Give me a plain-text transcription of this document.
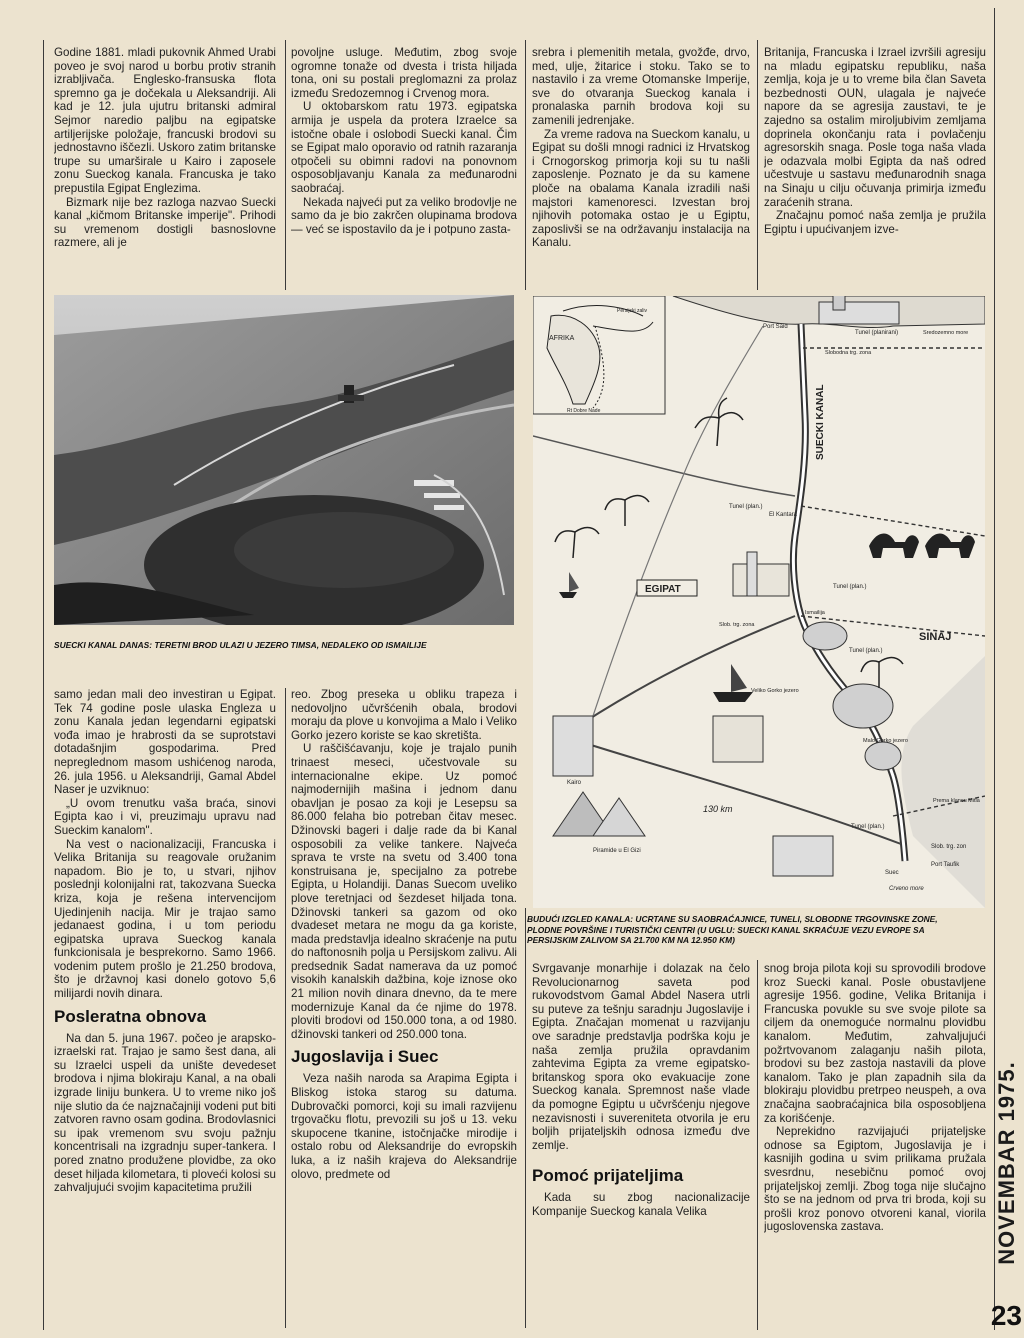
Godine 1881. mladi pukovnik Ahmed Urabi poveo je svoj narod u borbu protiv stranih izrabljivača. Englesko-fransuska flota spremno ga je dočekala u Aleksandriji. Ali kad je 12. jula ujutru britanski admiral Sejmor naredio paljbu na egipatske artiljerijske položaje, francuski brodovi su jednostavno iščezli. Uskoro zatim britanske trupe su umarširale u Kairo i zaposele zonu Sueckog kanala. Francuska je tako prepustila Egipat Englezima.

Bizmark nije bez razloga nazvao Suecki kanal „kičmom Britanske imperije". Prihodi su vremenom dostigli basnoslovne razmere, ali je

povoljne usluge. Međutim, zbog svoje ogromne tonaže od dvesta i trista hiljada tona, oni su postali preglomazni za prolaz između Sredozemnog i Crvenog mora.

U oktobarskom ratu 1973. egipatska armija je uspela da protera Izraelce sa istočne obale i oslobodi Suecki kanal. Čim se Egipat malo oporavio od ratnih razaranja otpočeli su obimni radovi na ponovnom osposobljavanju Kanala za međunarodni saobraćaj.

Nekada najveći put za veliko brodovlje ne samo da je bio zakrčen olupinama brodova — već se ispostavilo da je i potpuno zasta-

srebra i plemenitih metala, gvožđe, drvo, med, ulje, žitarice i stoku. Tako se to nastavilo i za vreme Otomanske Imperije, sve do otvaranja Sueckog kanala i pronalaska parnih brodova koji su zamenili jedrenjake.

Za vreme radova na Sueckom kanalu, u Egipat su došli mnogi radnici iz Hrvatskog i Crnogorskog primorja koji su tu našli zaposlenje. Poznato je da su kamene ploče na obalama Kanala izradili naši majstori kamenoresci. Izvestan broj njihovih potomaka ostao je u Egiptu, zaposlivši se na održavanju instalacija na Kanalu.

Britanija, Francuska i Izrael izvršili agresiju na mladu egipatsku republiku, naša zemlja, koja je u to vreme bila član Saveta bezbednosti OUN, ulagala je najveće napore da se agresija zaustavi, te je zajedno sa ostalim miroljubivim zemljama doprinela okončanju rata i povlačenju agresorskih snaga. Posle toga naša vlada je odazvala molbi Egipta da naš odred učestvuje u sastavu međunarodnih snaga na Sinaju u cilju očuvanja primirja između zaraćenih strana.

Značajnu pomoć naša zemlja je pružila Egiptu i upućivanjem izve-

SUECKI KANAL DANAS: TERETNI BROD ULAZI U JEZERO TIMSA, NEDALEKO OD ISMAILIJE
AFRIKA
Persijski zaliv
Rt Dobre Nade
Port Said
Tunel (planirani)	Sredozemno more
Slobodna trg. zona
El Kantara
Tunel (plan.)
EGIPAT	Tunel (plan.)
Ismailija
Slob. trg. zona
SINAJ
Tunel (plan.)
Veliko Gorko jezero
Malo Gorko jezero
Kairo
130 km
Prema klancu Mitla
Tunel (plan.)
Slob. trg. zon
Port Taufik
Suec
Crveno more
Piramide u El Gizi
SUECKI KANAL
BUDUĆI IZGLED KANALA: UCRTANE SU SAOBRAĆAJNICE, TUNELI, SLOBODNE TRGOVINSKE ZONE, PLODNE POVRŠINE I TURISTIČKI CENTRI (U UGLU: SUECKI KANAL SKRAĆUJE VEZU EVROPE SA PERSIJSKIM ZALIVOM SA 21.700 KM NA 12.950 KM)

samo jedan mali deo investiran u Egipat. Tek 74 godine posle ulaska Engleza u zonu Kanala jedan legendarni egipatski vođa imao je hrabrosti da se suprotstavi dotadašnjim gospodarima. Pred nepreglednom masom ushićenog naroda, 26. jula 1956. u Aleksandriji, Gamal Abdel Naser je uzviknuo:

„U ovom trenutku vaša braća, sinovi Egipta kao i vi, preuzimaju upravu nad Sueckim kanalom".

Na vest o nacionalizaciji, Francuska i Velika Britanija su reagovale oružanim napadom. Bio je to, u stvari, njihov poslednji kolonijalni rat, takozvana Suecka kriza, koja je rešena intervencijom Ujedinjenih nacija. Mir je trajao samo jedanaest godina, i u tom periodu egipatska uprava Sueckog kanala funkcionisala je besprekorno. Samo 1966. vodenim putem prošlo je 21.250 brodova, što je državnoj kasi donelo gotovo 5,6 milijardi novih dinara.

Posleratna obnova

Na dan 5. juna 1967. počeo je arapsko-izraelski rat. Trajao je samo šest dana, ali su Izraelci uspeli da uništе devedeset brodova i njima blokiraju Kanal, a na obali izgrade liniju bunkera. U to vreme niko još nije slutio da će najznačajniji vodeni put biti zatvoren ravno osam godina. Brodovlasnici su ipak vremenom svu svoju pažnju koncentrisali na izgradnju super-tankera. I pored znatno produžene plovidbe, za oko deset hiljada kilometara, ti ploveći kolosi su zahvaljujući svojim kapacitetima pružili

reo. Zbog preseka u obliku trapeza i nedovoljno učvršćenih obala, brodovi moraju da plove u konvojima a Malo i Veliko Gorko jezero koriste se kao skretišta.

U raščišćavanju, koje je trajalo punih trinaest meseci, učestvovale su internacionalne ekipe. Uz pomoć najmodernijih mašina i jednom danu obavljan je posao za koji je Lesepsu sa 86.000 felaha bio potreban čitav mesec. Džinovski bageri i dalje rade da bi Kanal osposobili za velike tankere. Najveća sprava te vrste na svetu od 3.400 tona konstruisana je, specijalno za potrebe Egipta, u Holandiji. Danas Suecom uveliko plove teretnjaci od šezdeset hiljada tona. Džinovski tankeri sa gazom od oko dvadeset metara ne mogu da ga koriste, mada predstavlja idealno skraćenje na putu do naftonosnih polja u Persijskom zalivu. Ali predsednik Sadat namerava da uz pomoć visokih kanalskih dažbina, koje iznose oko 21 milion novih dinara dnevno, da te mere modernizuje Kanal da će njime do 1978. ploviti brodovi od 150.000 tona, a od 1980. džinovski tankeri od 250.000 tona.

Jugoslavija i Suec

Veza naših naroda sa Arapima Egipta i Bliskog istoka starog su datuma. Dubrovački pomorci, koji su imali razvijenu trgovačku flotu, prevozili su još u 13. veku skupocene tkanine, istočnjačke mirodije i ostalo robu od Aleksandrije do evropskih luka, a iz naših krajeva do Aleksandrije olovo, predmete od

Svrgavanje monarhije i dolazak na čelo Revolucionarnog saveta pod rukovodstvom Gamal Abdel Nasera utrli su puteve za tešnju saradnju Jugoslavije i Egipta. Značajan momenat u razvijanju ove saradnje predstavlja podrška koju je naša zemlja pružila opravdanim zahtevima Egipta za vreme egipatsko-britanskog spora oko evakuacije zone Sueckog kanala. Spremnost naše vlade da pomogne Egiptu u učvršćenju njegove nezavisnosti i suvereniteta otvorila je eru boljih prijateljskih odnosa između dve zemlje.

Pomoć prijateljima

Kada su zbog nacionalizacije Kompanije Sueckog kanala Velika

snog broja pilota koji su sprovodili brodove kroz Suecki kanal. Posle obustavljene agresije 1956. godine, Velika Britanija i Francuska povukle su sve svoje pilote sa ciljem da onemoguće normalnu plovidbu kanalom. Međutim, zahvaljujući požrtvovanom zalaganju naših pilota, brodovi su bez zastoja nastavili da plove kanalom. Tako je plan zapadnih sila da blokiraju plovidbu pretrpeo neuspeh, a ova značajna saobraćajnica bila osposobljena za korišćenje.

Neprekidno razvijajući prijateljske odnose sa Egiptom, Jugoslavija je i kasnijih godina u svim prilikama pružala svesrdnu, nesebičnu pomoć ovoj prijateljskoj zemlji. Zbog toga nije slučajno što se na jednom od prva tri broda, koji su prošli kroz ponovo otvoreni kanal, viorila jugoslovenska zastava.	NOVEMBAR 1975.
23
